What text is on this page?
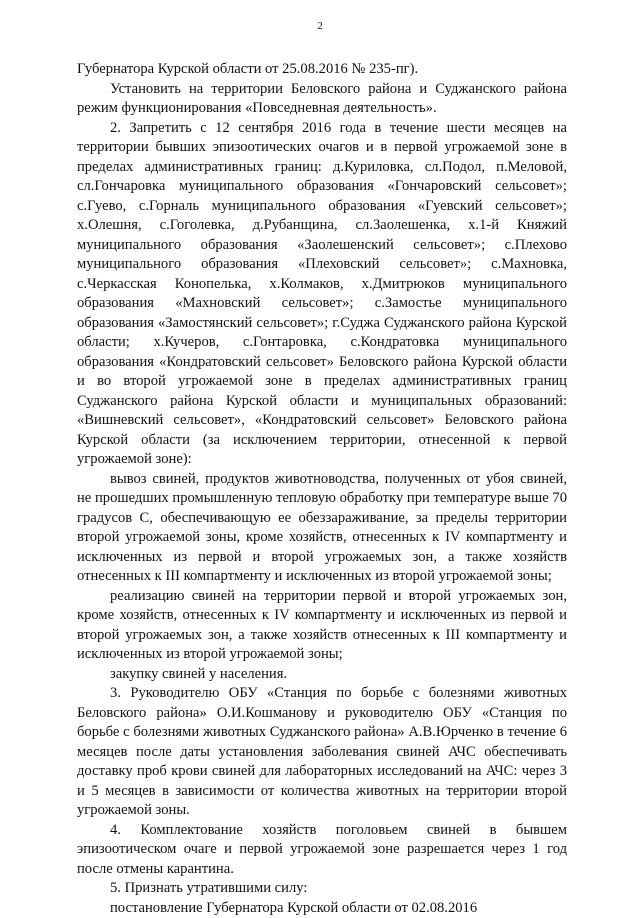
2

Губернатора Курской области от 25.08.2016 № 235-пг).

Установить на территории Беловского района и Суджанского района режим функционирования «Повседневная деятельность».

2. Запретить с 12 сентября 2016 года в течение шести месяцев на территории бывших эпизоотических очагов и в первой угрожаемой зоне в пределах административных границ: д.Куриловка, сл.Подол, п.Меловой, сл.Гончаровка муниципального образования «Гончаровский сельсовет»; с.Гуево, с.Горналь муниципального образования «Гуевский сельсовет»; х.Олешня, с.Гоголевка, д.Рубанщина, сл.Заолешенка, х.1-й Княжий муниципального образования «Заолешенский сельсовет»; с.Плехово муниципального образования «Плеховский сельсовет»; с.Махновка, с.Черкасская Конопелька, х.Колмаков, х.Дмитрюков муниципального образования «Махновский сельсовет»; с.Замостье муниципального образования «Замостянский сельсовет»; г.Суджа Суджанского района Курской области; х.Кучеров, с.Гонтаровка, с.Кондратовка муниципального образования «Кондратовский сельсовет» Беловского района Курской области и во второй угрожаемой зоне в пределах административных границ Суджанского района Курской области и муниципальных образований: «Вишневский сельсовет», «Кондратовский сельсовет» Беловского района Курской области (за исключением территории, отнесенной к первой угрожаемой зоне):

вывоз свиней, продуктов животноводства, полученных от убоя свиней, не прошедших промышленную тепловую обработку при температуре выше 70 градусов С, обеспечивающую ее обеззараживание, за пределы территории второй угрожаемой зоны, кроме хозяйств, отнесенных к IV компартменту и исключенных из первой и второй угрожаемых зон, а также хозяйств отнесенных к III компартменту и исключенных из второй угрожаемой зоны;

реализацию свиней на территории первой и второй угрожаемых зон, кроме хозяйств, отнесенных к IV компартменту и исключенных из первой и второй угрожаемых зон, а также хозяйств отнесенных к III компартменту и исключенных из второй угрожаемой зоны;

закупку свиней у населения.

3. Руководителю ОБУ «Станция по борьбе с болезнями животных Беловского района» О.И.Кошманову и руководителю ОБУ «Станция по борьбе с болезнями животных Суджанского района» А.В.Юрченко в течение 6 месяцев после даты установления заболевания свиней АЧС обеспечивать доставку проб крови свиней для лабораторных исследований на АЧС: через 3 и 5 месяцев в зависимости от количества животных на территории второй угрожаемой зоны.

4. Комплектование хозяйств поголовьем свиней в бывшем эпизоотическом очаге и первой угрожаемой зоне разрешается через 1 год после отмены карантина.

5. Признать утратившими силу:

постановление Губернатора Курской области от 02.08.2016
